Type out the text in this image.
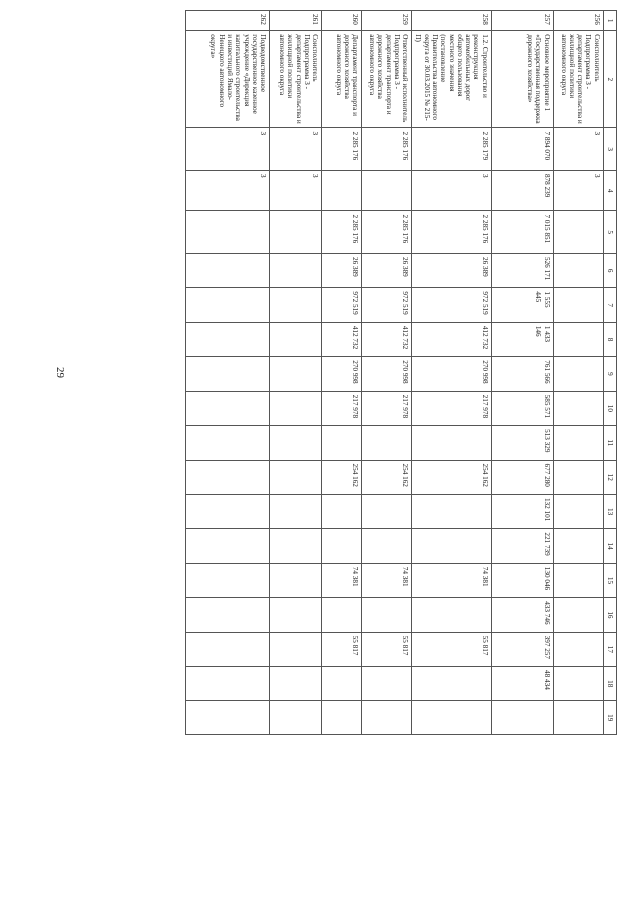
1	2	3	4	5	6	7	8	9	10	11	12	13	14	15	16	17	18	19
256	Соисполнитель Подпрограмма 3 - департамент строительства и жилищной политики автономного округа	3	3															
257	Основное мероприятие 1 «Государственная поддержка дорожного хозяйства»	7 894 070	878 239	7 015 851	526 171	1 555 445	1 433 146	761 566	585 571	513 329	677 280	132 101	221 739	130 046	433 746	397 257	48 434	
258	1.2. Строительство и реконструкция автомобильных дорог общего пользования местного значения (постановление Правительства автономного округа от 30.03.2015 № 215-П)	2 285 179	3	2 285 176	26 389	972 519	412 732	270 998	217 978		254 162			74 381		55 817		
259	Ответственный исполнитель Подпрограмма 3 - департамент транспорта и дорожного хозяйства автономного округа	2 285 176		2 285 176	26 389	972 519	412 732	270 998	217 978		254 162			74 381		55 817		
260	Департамент транспорта и дорожного хозяйства автономного округа	2 285 176		2 285 176	26 389	972 519	412 732	270 998	217 978		254 162			74 381		55 817		
261	Соисполнитель Подпрограмма 3 - департамент строительства и жилищной политики автономного округа	3	3															
262	Подведомственное государственное казенное учреждение «Дирекция капитального строительства и инвестиций Ямало-Ненецкого автономного округа»	3	3															
29
